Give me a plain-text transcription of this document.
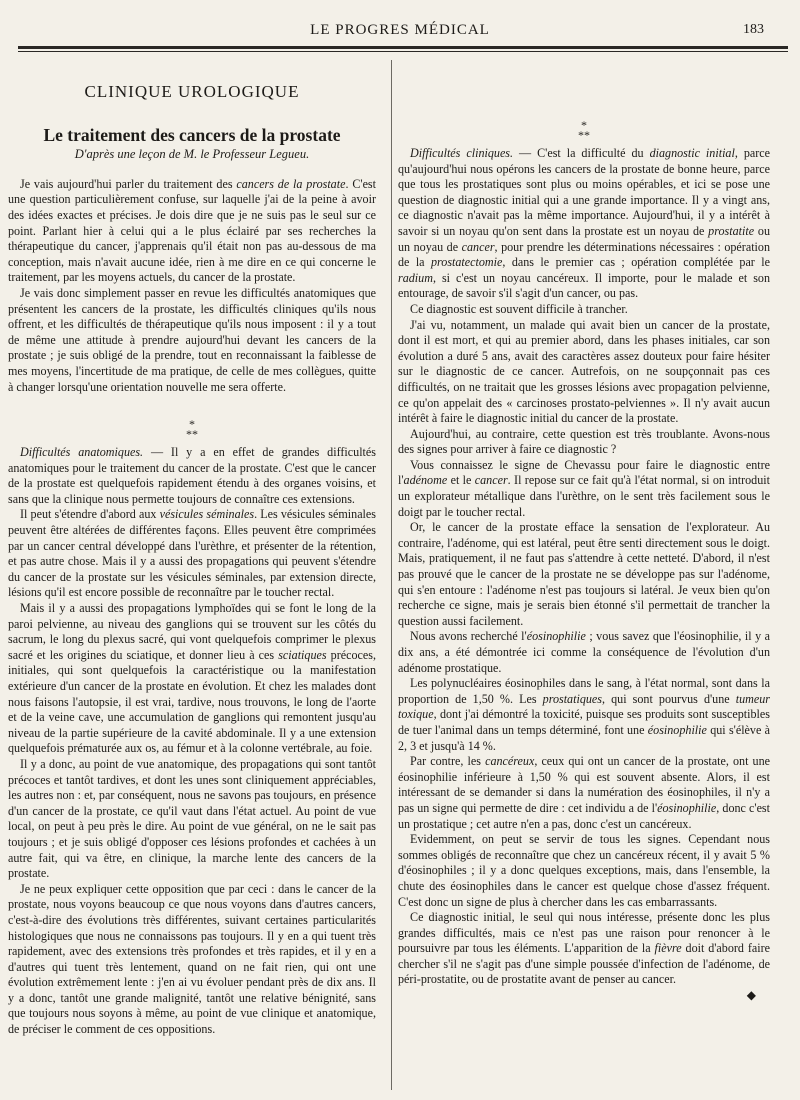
LE PROGRES MÉDICAL	183
CLINIQUE UROLOGIQUE
Le traitement des cancers de la prostate
D'après une leçon de M. le Professeur Legueu.

Je vais aujourd'hui parler du traitement des cancers de la prostate. C'est une question particulièrement confuse, sur laquelle j'ai de la peine à avoir des idées exactes et précises. Je dois dire que je ne suis pas le seul sur ce point. Parlant hier à celui qui a le plus éclairé par ses recherches la thérapeutique du cancer, j'apprenais qu'il était non pas au-dessous de ma conception, mais n'avait aucune idée, rien à me dire en ce qui concerne le traitement, par les moyens actuels, du cancer de la prostate.

Je vais donc simplement passer en revue les difficultés anatomiques que présentent les cancers de la prostate, les difficultés cliniques qu'ils nous offrent, et les difficultés de thérapeutique qu'ils nous imposent : il y a tout de même une attitude à prendre aujourd'hui devant les cancers de la prostate ; je suis obligé de la prendre, tout en reconnaissant la faiblesse de mes moyens, l'incertitude de ma pratique, de celle de mes collègues, quitte à changer lorsqu'une orientation nouvelle me sera offerte.

*
**

Difficultés anatomiques. — Il y a en effet de grandes difficultés anatomiques pour le traitement du cancer de la prostate. C'est que le cancer de la prostate est quelquefois rapidement étendu à des organes voisins, et sans que la clinique nous permette toujours de connaître ces extensions.

Il peut s'étendre d'abord aux vésicules séminales. Les vésicules séminales peuvent être altérées de différentes façons. Elles peuvent être comprimées par un cancer central développé dans l'urèthre, et présenter de la rétention, et pas autre chose. Mais il y a aussi des propagations qui peuvent s'étendre du cancer de la prostate sur les vésicules séminales, par extension directe, lésions qu'il est encore possible de reconnaître par le toucher rectal.

Mais il y a aussi des propagations lymphoïdes qui se font le long de la paroi pelvienne, au niveau des ganglions qui se trouvent sur les côtés du sacrum, le long du plexus sacré, qui vont quelquefois comprimer le plexus sacré et les origines du sciatique, et donner lieu à ces sciatiques précoces, initiales, qui sont quelquefois la caractéristique ou la manifestation extérieure d'un cancer de la prostate en évolution. Et chez les malades dont nous faisons l'autopsie, il est vrai, tardive, nous trouvons, le long de l'aorte et de la veine cave, une accumulation de ganglions qui remontent jusqu'au niveau de la partie supérieure de la cavité abdominale. Il y a une extension quelquefois prématurée aux os, au fémur et à la colonne vertébrale, au foie.

Il y a donc, au point de vue anatomique, des propagations qui sont tantôt précoces et tantôt tardives, et dont les unes sont cliniquement appréciables, les autres non : et, par conséquent, nous ne savons pas toujours, en présence d'un cancer de la prostate, ce qu'il vaut dans l'état actuel. Au point de vue local, on peut à peu près le dire. Au point de vue général, on ne le sait pas toujours ; et je suis obligé d'opposer ces lésions profondes et cachées à un autre fait, qui va être, en clinique, la marche lente des cancers de la prostate.

Je ne peux expliquer cette opposition que par ceci : dans le cancer de la prostate, nous voyons beaucoup ce que nous voyons dans d'autres cancers, c'est-à-dire des évolutions très différentes, suivant certaines particularités histologiques que nous ne connaissons pas toujours. Il y en a qui tuent très rapidement, avec des extensions très profondes et très rapides, et il y en a d'autres qui tuent très lentement, quand on ne fait rien, qui ont une évolution extrêmement lente : j'en ai vu évoluer pendant près de dix ans. Il y a donc, tantôt une grande malignité, tantôt une relative bénignité, sans que toujours nous soyons à même, au point de vue clinique et anatomique, de préciser le comment de ces oppositions.

*
**

Difficultés cliniques. — C'est la difficulté du diagnostic initial, parce qu'aujourd'hui nous opérons les cancers de la prostate de bonne heure, parce que tous les prostatiques sont plus ou moins opérables, et ici se pose une question de diagnostic initial qui a une grande importance. Il y a vingt ans, ce diagnostic n'avait pas la même importance. Aujourd'hui, il y a intérêt à savoir si un noyau qu'on sent dans la prostate est un noyau de prostatite ou un noyau de cancer, pour prendre les déterminations nécessaires : opération de la prostatectomie, dans le premier cas ; opération complétée par le radium, si c'est un noyau cancéreux. Il importe, pour le malade et son entourage, de savoir s'il s'agit d'un cancer, ou pas.

Ce diagnostic est souvent difficile à trancher.

J'ai vu, notamment, un malade qui avait bien un cancer de la prostate, dont il est mort, et qui au premier abord, dans les phases initiales, car son évolution a duré 5 ans, avait des caractères assez douteux pour faire hésiter sur le diagnostic de ce cancer. Autrefois, on ne soupçonnait pas ces difficultés, on ne traitait que les grosses lésions avec propagation pelvienne, ce qu'on appelait des « carcinoses prostato-pelviennes ». Il n'y avait aucun intérêt à faire le diagnostic initial du cancer de la prostate.

Aujourd'hui, au contraire, cette question est très troublante. Avons-nous des signes pour arriver à faire ce diagnostic ?

Vous connaissez le signe de Chevassu pour faire le diagnostic entre l'adénome et le cancer. Il repose sur ce fait qu'à l'état normal, si on introduit un explorateur métallique dans l'urèthre, on le sent très facilement sous le doigt par le toucher rectal.

Or, le cancer de la prostate efface la sensation de l'explorateur. Au contraire, l'adénome, qui est latéral, peut être senti directement sous le doigt. Mais, pratiquement, il ne faut pas s'attendre à cette netteté. D'abord, il n'est pas prouvé que le cancer de la prostate ne se développe pas sur l'adénome, qui s'en entoure : l'adénome n'est pas toujours si latéral. Je veux bien qu'on recherche ce signe, mais je serais bien étonné s'il permettait de trancher la question aussi facilement.

Nous avons recherché l'éosinophilie ; vous savez que l'éosinophilie, il y a dix ans, a été démontrée ici comme la conséquence de l'évolution d'un adénome prostatique.

Les polynucléaires éosinophiles dans le sang, à l'état normal, sont dans la proportion de 1,50 %. Les prostatiques, qui sont pourvus d'une tumeur toxique, dont j'ai démontré la toxicité, puisque ses produits sont susceptibles de tuer l'animal dans un temps déterminé, font une éosinophilie qui s'élève à 2, 3 et jusqu'à 14 %.

Par contre, les cancéreux, ceux qui ont un cancer de la prostate, ont une éosinophilie inférieure à 1,50 % qui est souvent absente. Alors, il est intéressant de se demander si dans la numération des éosinophiles, il n'y a pas un signe qui permette de dire : cet individu a de l'éosinophilie, donc c'est un prostatique ; cet autre n'en a pas, donc c'est un cancéreux.

Evidemment, on peut se servir de tous les signes. Cependant nous sommes obligés de reconnaître que chez un cancéreux récent, il y avait 5 % d'éosinophiles ; il y a donc quelques exceptions, mais, dans l'ensemble, la chute des éosinophiles dans le cancer est quelque chose d'assez fréquent. C'est donc un signe de plus à chercher dans les cas embarrassants.

Ce diagnostic initial, le seul qui nous intéresse, présente donc les plus grandes difficultés, mais ce n'est pas une raison pour renoncer à le poursuivre par tous les éléments. L'apparition de la fièvre doit d'abord faire chercher s'il ne s'agit pas d'une simple poussée d'infection de l'adénome, de péri-prostatite, ou de prostatite avant de penser au cancer.

◆
